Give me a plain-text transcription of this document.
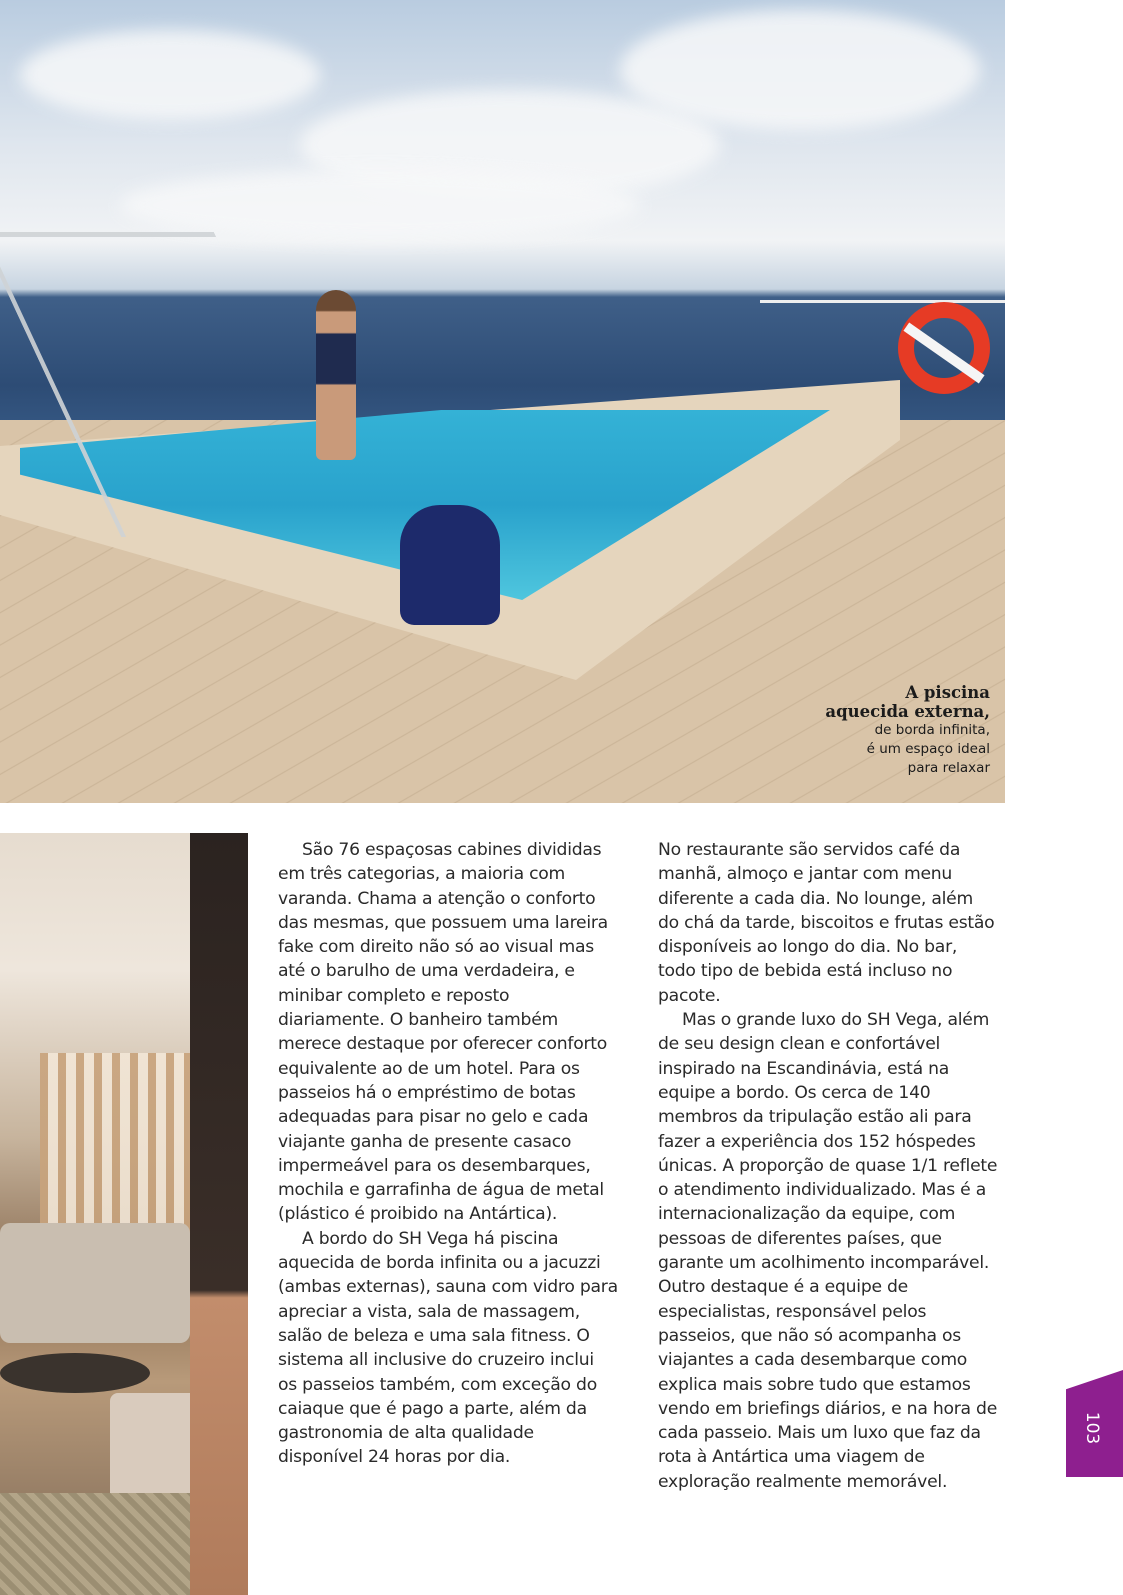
A piscina
aquecida externa,
de borda infinita,
é um espaço ideal
para relaxar

São 76 espaçosas cabines divididas em três categorias, a maioria com varanda. Chama a atenção o conforto das mesmas, que possuem uma lareira fake com direito não só ao visual mas até o barulho de uma verdadeira, e minibar completo e reposto diariamente. O banheiro também merece destaque por oferecer conforto equivalente ao de um hotel. Para os passeios há o empréstimo de botas adequadas para pisar no gelo e cada viajante ganha de presente casaco impermeável para os desembarques, mochila e garrafinha de água de metal (plástico é proibido na Antártica).

A bordo do SH Vega há piscina aquecida de borda infinita ou a jacuzzi (ambas externas), sauna com vidro para apreciar a vista, sala de massagem, salão de beleza e uma sala fitness. O sistema all inclusive do cruzeiro inclui os passeios também, com exceção do caiaque que é pago a parte, além da gastronomia de alta qualidade disponível 24 horas por dia.

No restaurante são servidos café da manhã, almoço e jantar com menu diferente a cada dia. No lounge, além do chá da tarde, biscoitos e frutas estão disponíveis ao longo do dia. No bar, todo tipo de bebida está incluso no pacote.

Mas o grande luxo do SH Vega, além de seu design clean e confortável inspirado na Escandinávia, está na equipe a bordo. Os cerca de 140 membros da tripulação estão ali para fazer a experiência dos 152 hóspedes únicas. A proporção de quase 1/1 reflete o atendimento individualizado. Mas é a internacionalização da equipe, com pessoas de diferentes países, que garante um acolhimento incomparável. Outro destaque é a equipe de especialistas, responsável pelos passeios, que não só acompanha os viajantes a cada desembarque como explica mais sobre tudo que estamos vendo em briefings diários, e na hora de cada passeio. Mais um luxo que faz da rota à Antártica uma viagem de exploração realmente memorável.

103
